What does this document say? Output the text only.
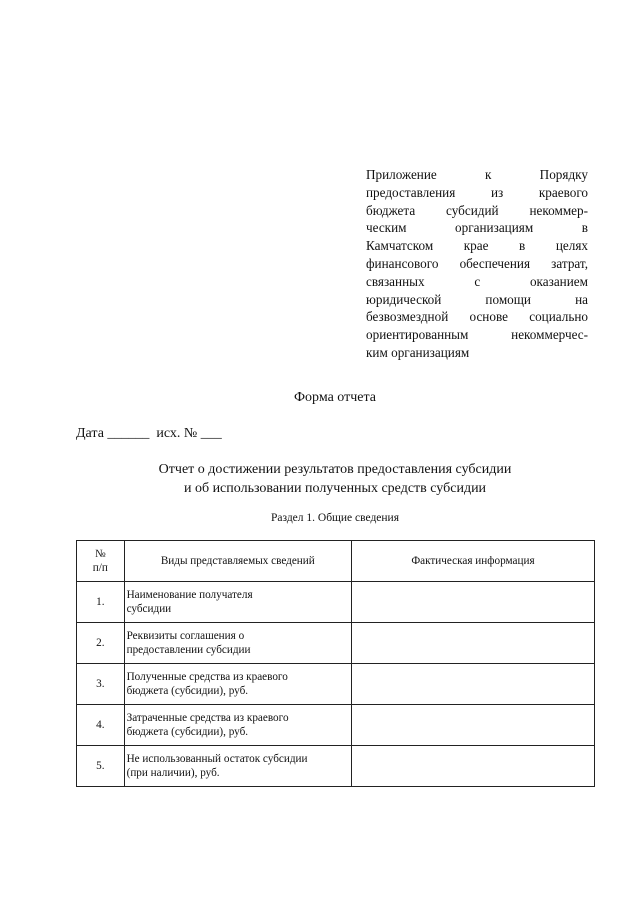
Приложение к Порядку
предоставления из краевого
бюджета субсидий некоммер-
ческим организациям в
Камчатском крае в целях
финансового обеспечения затрат,
связанных с оказанием
юридической помощи на
безвозмездной основе социально
ориентированным некоммерчес-
ким организациям
Форма отчета
Дата ______  исх. № ___
Отчет о достижении результатов предоставления субсидии
и об использовании полученных средств субсидии
Раздел 1. Общие сведения
№
п/п	Виды представляемых сведений	Фактическая информация
1.	Наименование получателя
субсидии	

2.	Реквизиты соглашения о
предоставлении субсидии	

3.	Полученные средства из краевого
бюджета (субсидии), руб.	

4.	Затраченные средства из краевого
бюджета (субсидии), руб.	

5.	Не использованный остаток субсидии
(при наличии), руб.	
